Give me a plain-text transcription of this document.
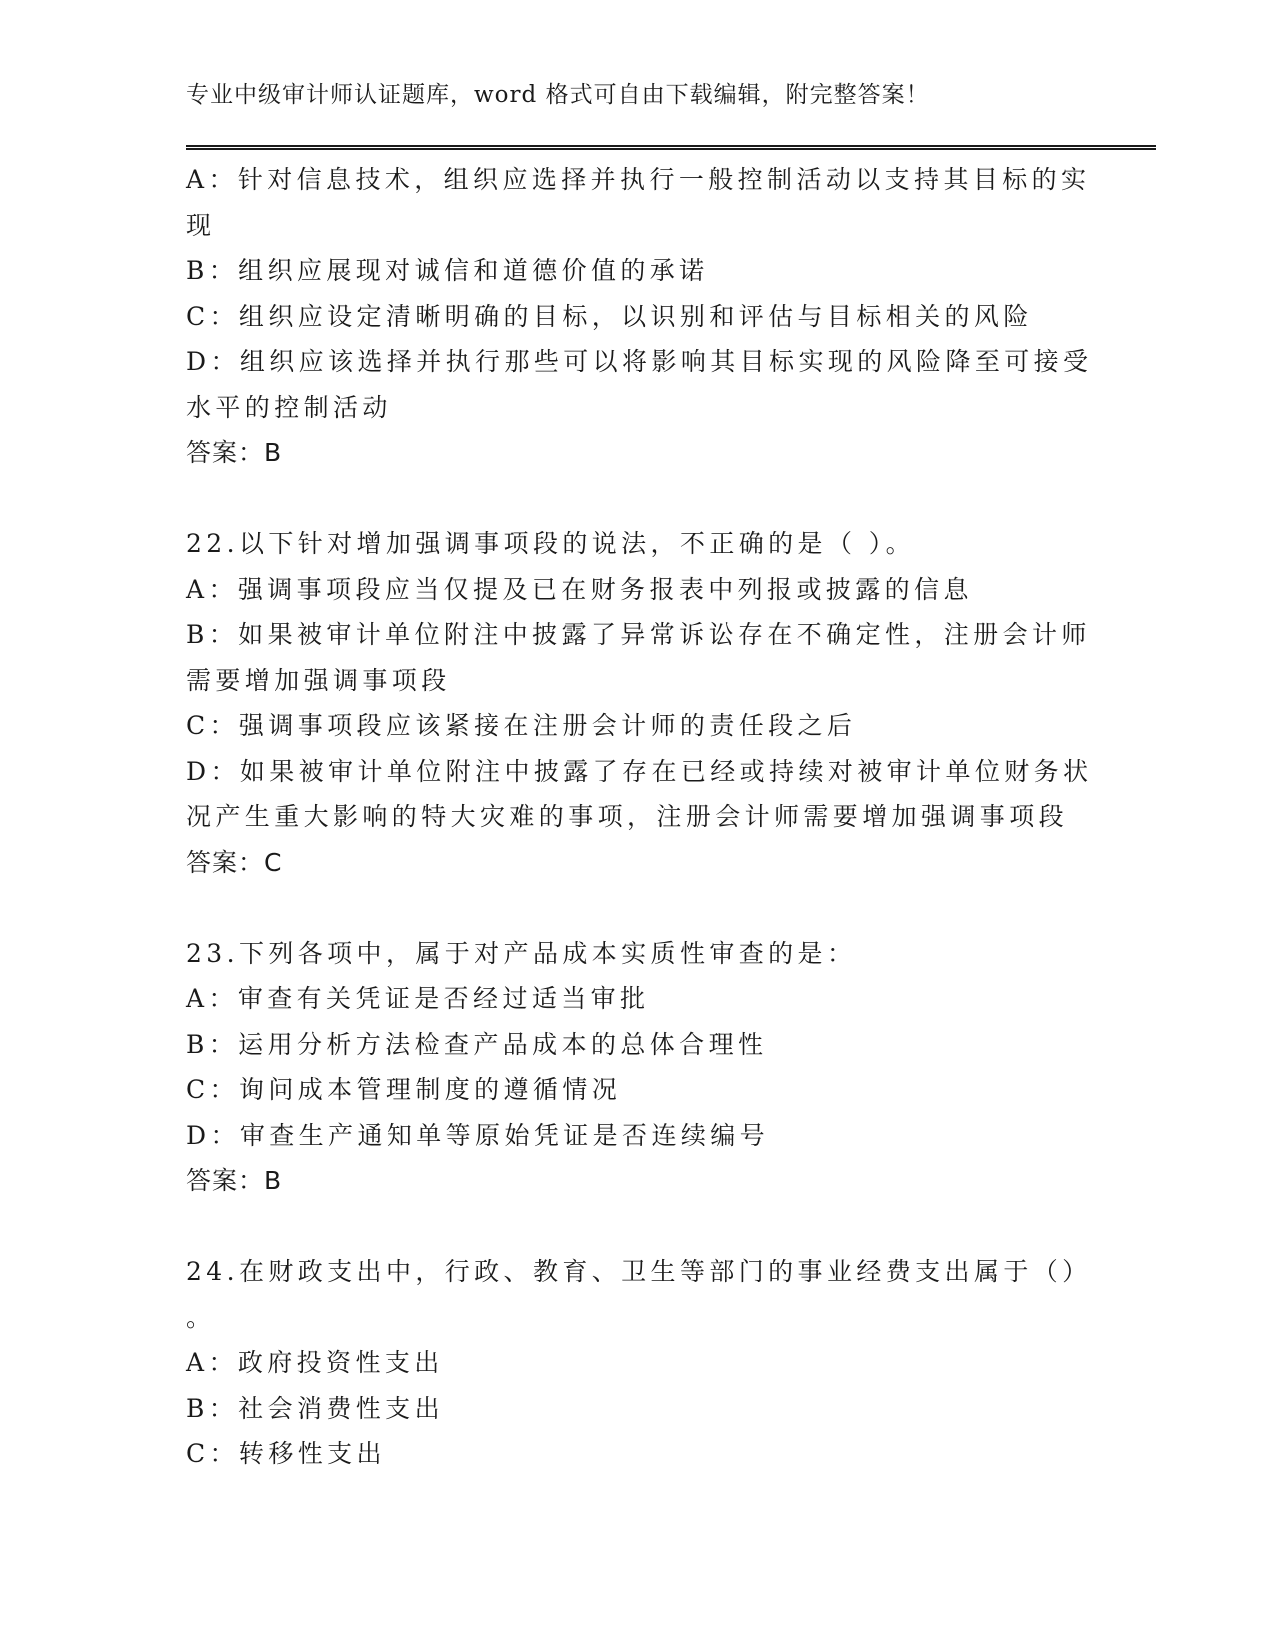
专业中级审计师认证题库，word 格式可自由下载编辑，附完整答案！
A：针对信息技术，组织应选择并执行一般控制活动以支持其目标的实
现
B：组织应展现对诚信和道德价值的承诺
C：组织应设定清晰明确的目标，以识别和评估与目标相关的风险
D：组织应该选择并执行那些可以将影响其目标实现的风险降至可接受
水平的控制活动
答案：B
22.以下针对增加强调事项段的说法，不正确的是（ ）。
A：强调事项段应当仅提及已在财务报表中列报或披露的信息
B：如果被审计单位附注中披露了异常诉讼存在不确定性，注册会计师
需要增加强调事项段
C：强调事项段应该紧接在注册会计师的责任段之后
D：如果被审计单位附注中披露了存在已经或持续对被审计单位财务状
况产生重大影响的特大灾难的事项，注册会计师需要增加强调事项段
答案：C
23.下列各项中，属于对产品成本实质性审查的是：
A：审查有关凭证是否经过适当审批
B：运用分析方法检查产品成本的总体合理性
C：询问成本管理制度的遵循情况
D：审查生产通知单等原始凭证是否连续编号
答案：B
24.在财政支出中，行政、教育、卫生等部门的事业经费支出属于（）
。
A：政府投资性支出
B：社会消费性支出
C：转移性支出
